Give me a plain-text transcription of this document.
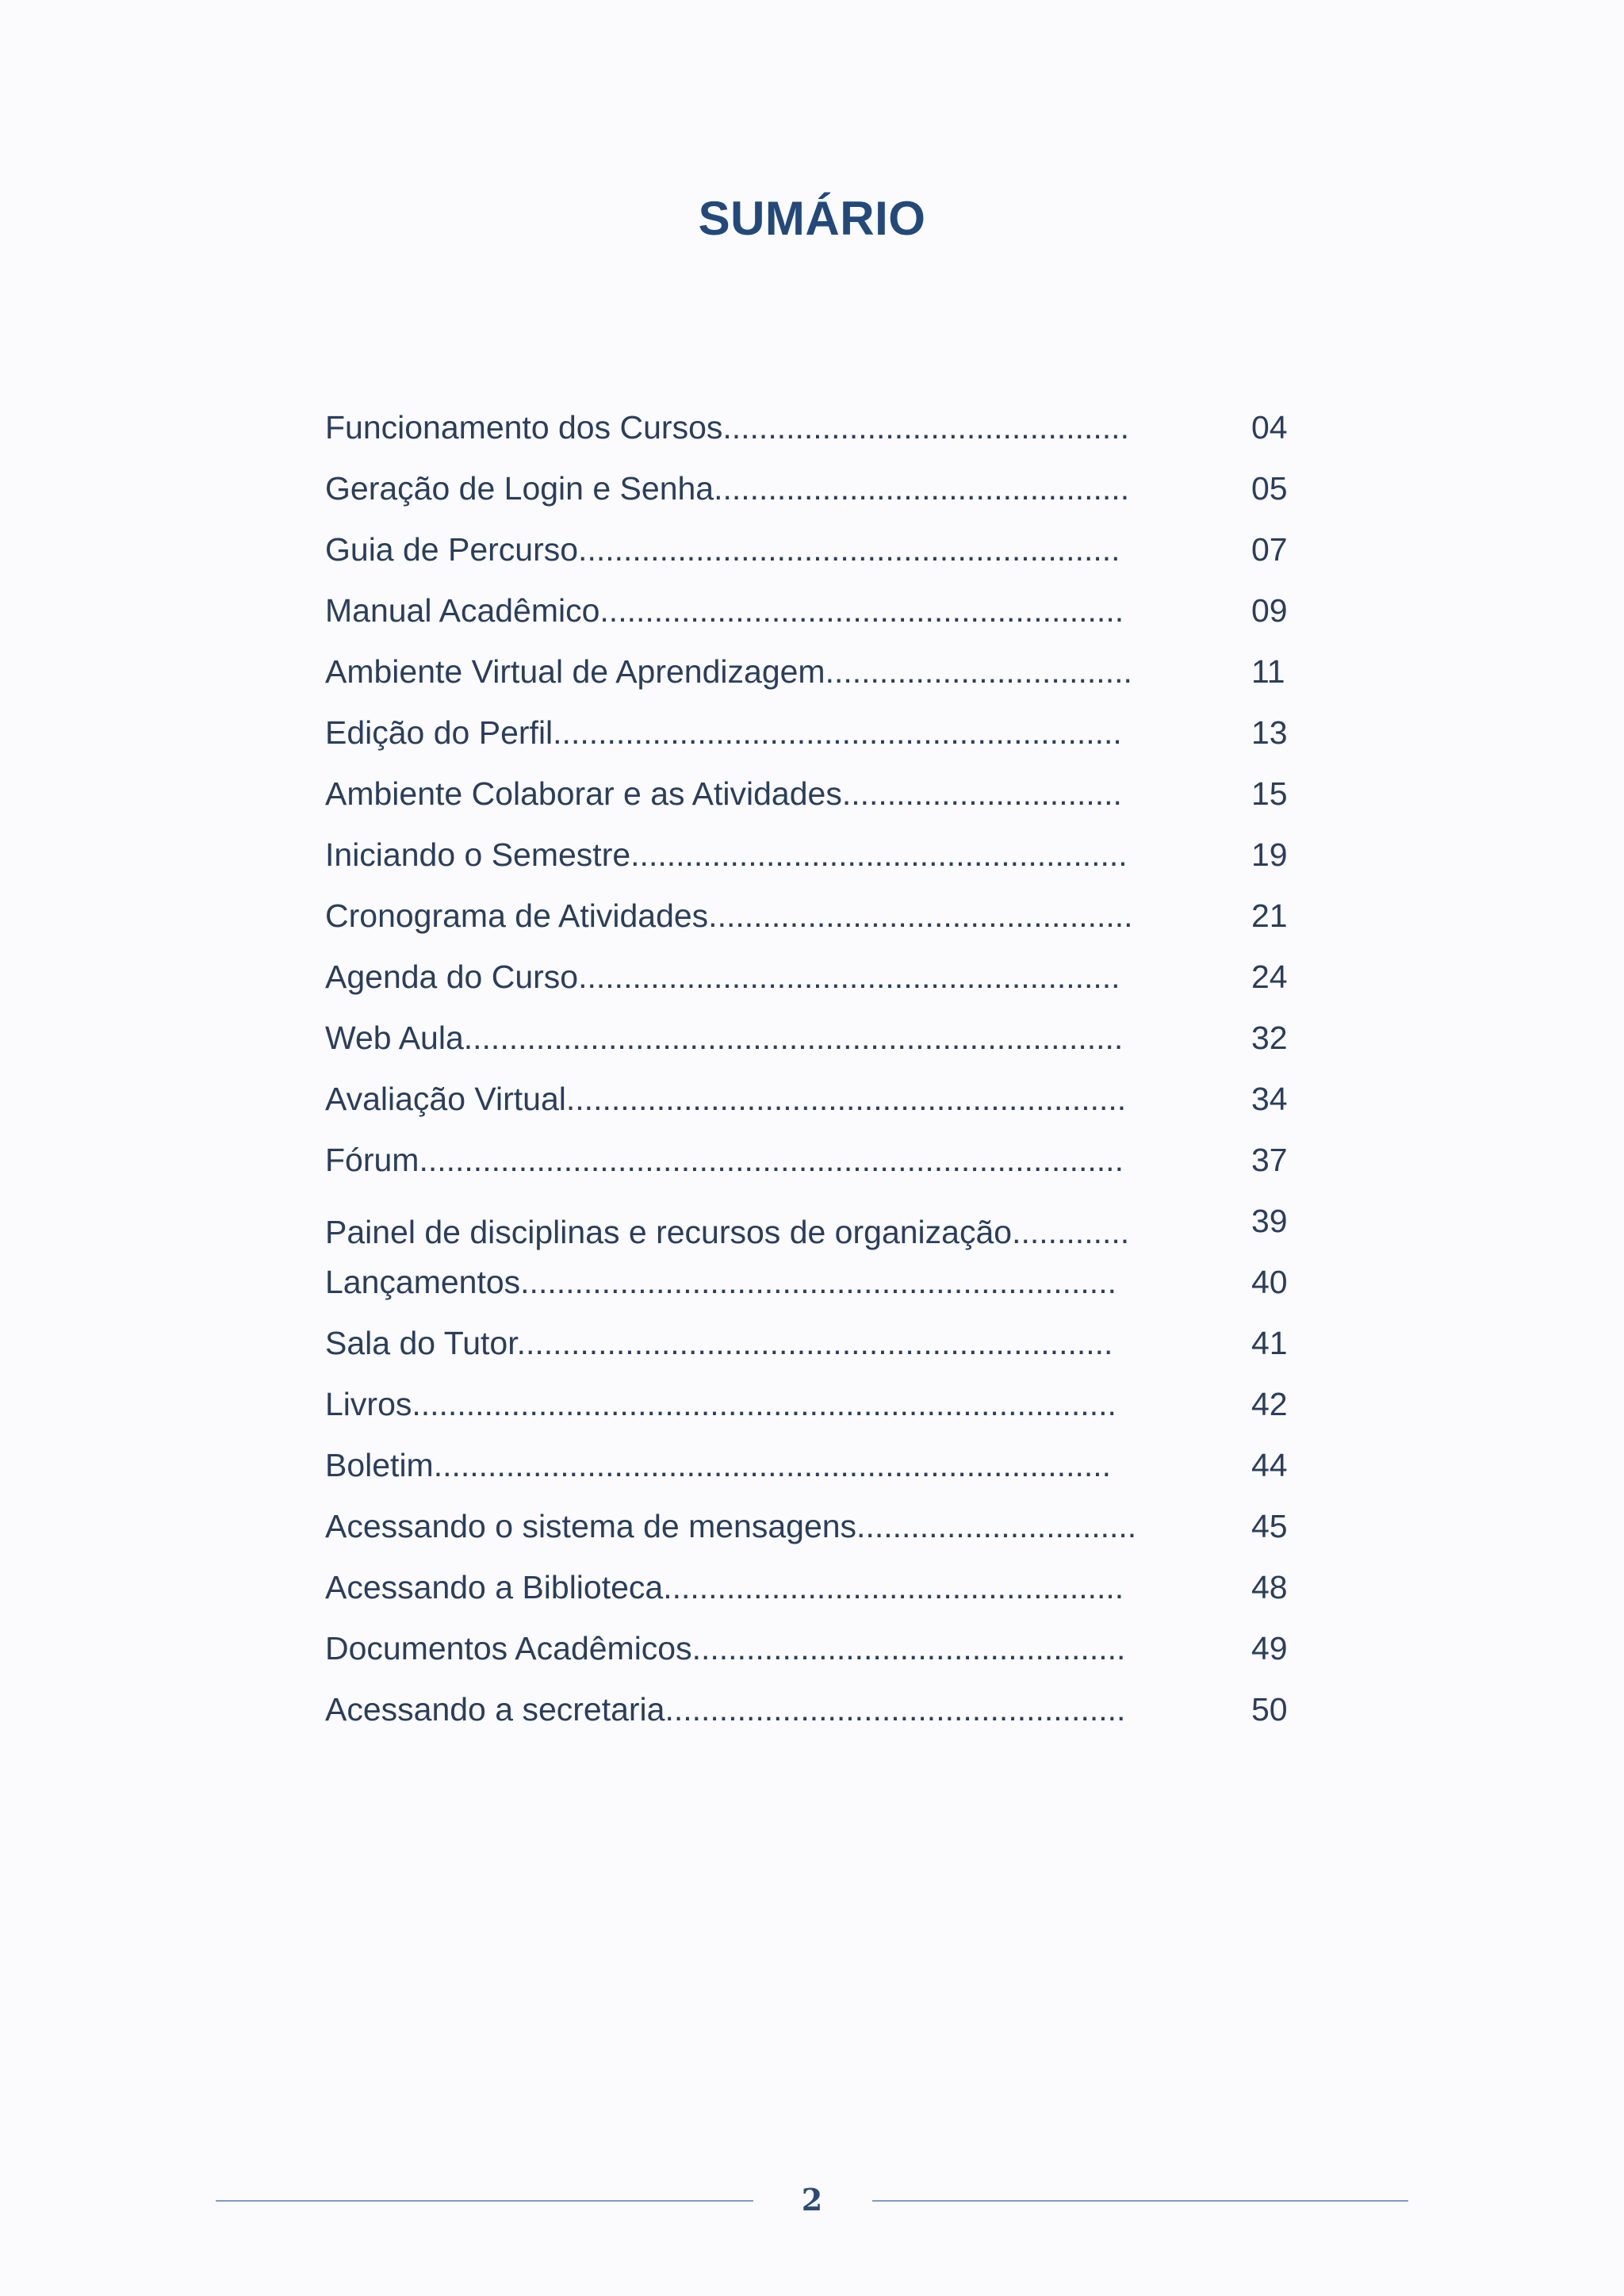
SUMÁRIO
Funcionamento dos Cursos.............................................	04
Geração de Login e Senha..............................................	05
Guia de Percurso............................................................	07
Manual Acadêmico..........................................................	09
Ambiente Virtual de Aprendizagem..................................	11
Edição do Perfil...............................................................	13
Ambiente Colaborar e as Atividades...............................	15
Iniciando o Semestre.......................................................	19
Cronograma de Atividades...............................................	21
Agenda do Curso............................................................	24
Web Aula.........................................................................	32
Avaliação Virtual..............................................................	34
Fórum..............................................................................	37
Painel de disciplinas e recursos de organização.............	39
Lançamentos..................................................................	40
Sala do Tutor..................................................................	41
Livros..............................................................................	42
Boletim...........................................................................	44
Acessando o sistema de mensagens...............................	45
Acessando a Biblioteca...................................................	48
Documentos Acadêmicos................................................	49
Acessando a secretaria...................................................	50
2
